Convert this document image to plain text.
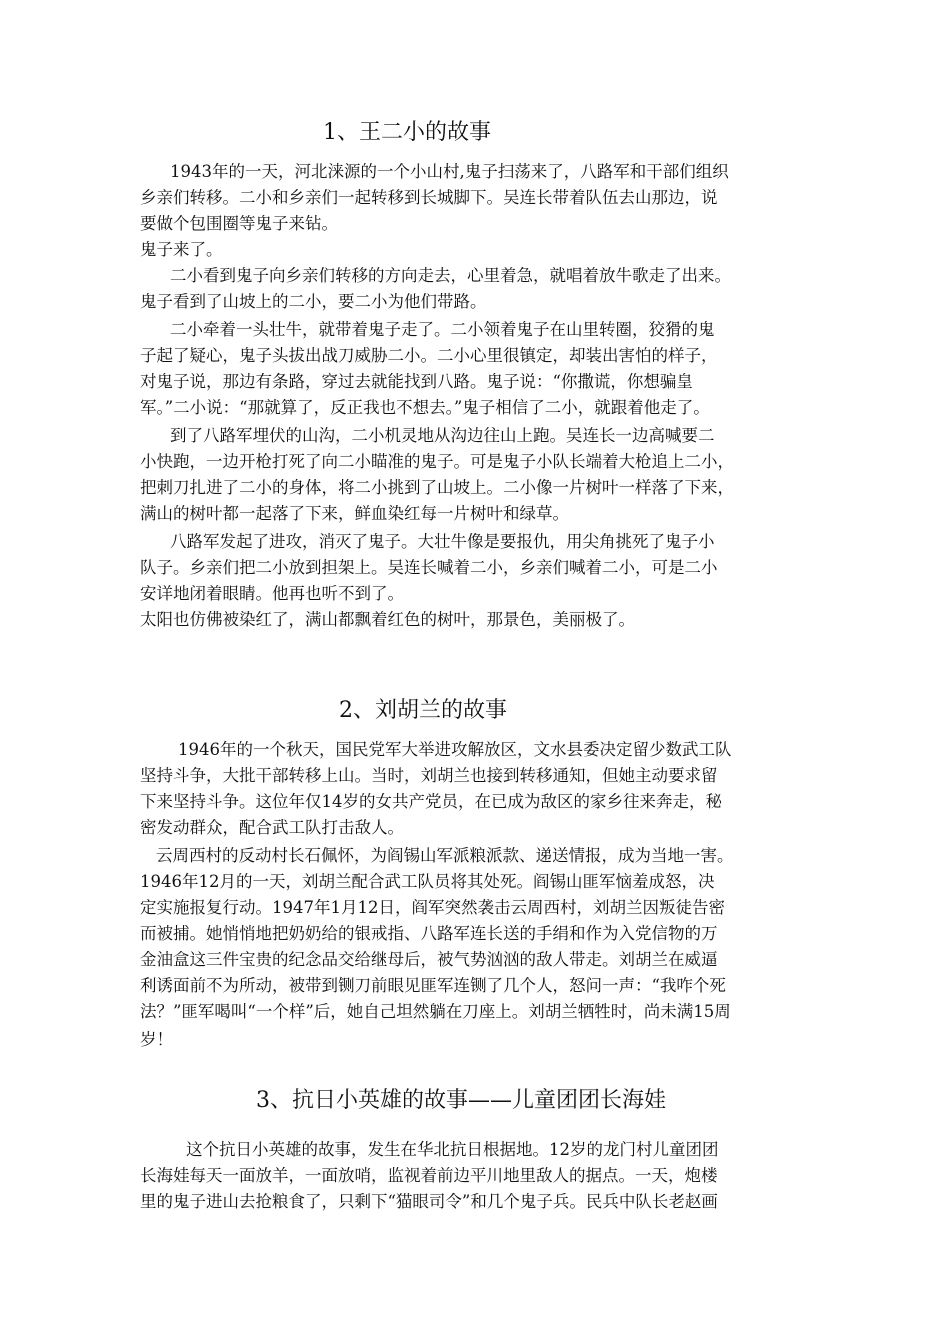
1、王二小的故事

1943年的一天，河北涞源的一个小山村,鬼子扫荡来了，八路军和干部们组织

乡亲们转移。二小和乡亲们一起转移到长城脚下。吴连长带着队伍去山那边，说

要做个包围圈等鬼子来钻。

鬼子来了。

二小看到鬼子向乡亲们转移的方向走去，心里着急，就唱着放牛歌走了出来。

鬼子看到了山坡上的二小，要二小为他们带路。

二小牵着一头壮牛，就带着鬼子走了。二小领着鬼子在山里转圈，狡猾的鬼

子起了疑心，鬼子头拔出战刀威胁二小。二小心里很镇定，却装出害怕的样子，

对鬼子说，那边有条路，穿过去就能找到八路。鬼子说：“你撒谎，你想骗皇

军。”二小说：“那就算了，反正我也不想去。”鬼子相信了二小，就跟着他走了。

到了八路军埋伏的山沟，二小机灵地从沟边往山上跑。吴连长一边高喊要二

小快跑，一边开枪打死了向二小瞄准的鬼子。可是鬼子小队长端着大枪追上二小，

把刺刀扎进了二小的身体，将二小挑到了山坡上。二小像一片树叶一样落了下来，

满山的树叶都一起落了下来，鲜血染红每一片树叶和绿草。

八路军发起了进攻，消灭了鬼子。大壮牛像是要报仇，用尖角挑死了鬼子小

队子。乡亲们把二小放到担架上。吴连长喊着二小，乡亲们喊着二小，可是二小

安详地闭着眼睛。他再也听不到了。

太阳也仿佛被染红了，满山都飘着红色的树叶，那景色，美丽极了。

2、刘胡兰的故事

1946年的一个秋天，国民党军大举进攻解放区，文水县委决定留少数武工队

坚持斗争，大批干部转移上山。当时，刘胡兰也接到转移通知，但她主动要求留

下来坚持斗争。这位年仅14岁的女共产党员，在已成为敌区的家乡往来奔走，秘

密发动群众，配合武工队打击敌人。

云周西村的反动村长石佩怀，为阎锡山军派粮派款、递送情报，成为当地一害。

1946年12月的一天，刘胡兰配合武工队员将其处死。阎锡山匪军恼羞成怒，决

定实施报复行动。1947年1月12日，阎军突然袭击云周西村，刘胡兰因叛徒告密

而被捕。她悄悄地把奶奶给的银戒指、八路军连长送的手绢和作为入党信物的万

金油盒这三件宝贵的纪念品交给继母后，被气势汹汹的敌人带走。刘胡兰在威逼

利诱面前不为所动，被带到铡刀前眼见匪军连铡了几个人，怒问一声：“我咋个死

法？”匪军喝叫“一个样”后，她自己坦然躺在刀座上。刘胡兰牺牲时，尚未满15周

岁！

3、抗日小英雄的故事——儿童团团长海娃

这个抗日小英雄的故事，发生在华北抗日根据地。12岁的龙门村儿童团团

长海娃每天一面放羊，一面放哨，监视着前边平川地里敌人的据点。一天，炮楼

里的鬼子进山去抢粮食了，只剩下“猫眼司令”和几个鬼子兵。民兵中队长老赵画
